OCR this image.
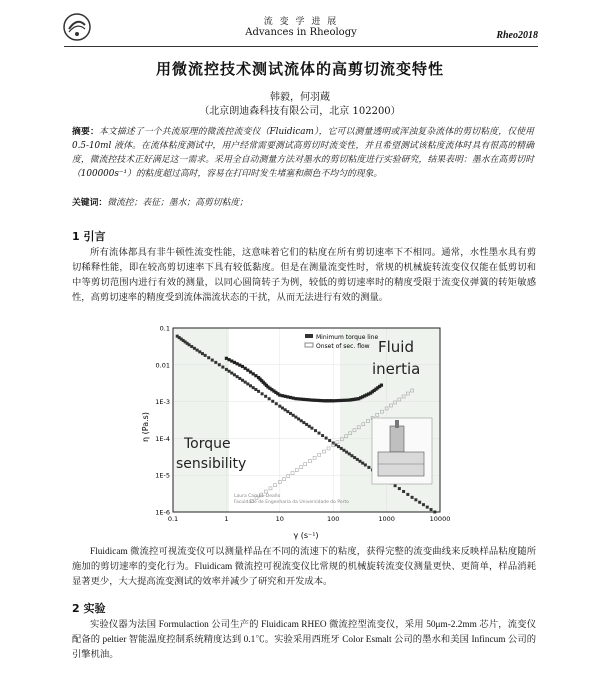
流 变 学 进 展
Advances in Rheology	Rheo2018
用微流控技术测试流体的高剪切流变特性
韩毅，何羽蔵
（北京朗迪森科技有限公司，北京 102200）
摘要：本文描述了一个共流原理的微流控流变仪（Fluidicam），它可以测量透明或浑浊复杂流体的剪切粘度，仅使用 0.5-10ml 液体。在流体粘度测试中，用户经常需要测试高剪切时流变性，并且希望测试该粘度流体时具有很高的精确度，微流控技术正好满足这一需求。采用全自动测量方法对墨水的剪切粘度进行实验研究，结果表明：墨水在高剪切时（100000s⁻¹）的粘度超过高时，容易在打印时发生堵塞和颜色不均匀的现象。
关键词：微流控；表征；墨水；高剪切粘度；
1 引言
所有流体都具有非牛顿性流变性能，这意味着它们的粘度在所有剪切速率下不相同。通常，水性墨水具有剪切稀释性能，即在较高剪切速率下具有较低黏度。但是在测量流变性时，常规的机械旋转流变仪仅能在低剪切和中等剪切范围内进行有效的测量，以同心圆筒转子为例，较低的剪切速率时的精度受限于流变仪弹簧的转矩敏感性，高剪切速率的精度受到流体湍流状态的干扰，从而无法进行有效的测量。
0.1
0.01
1E-3
1E-4
1E-5
1E-6
0.1	1	10	100	1000	10000
η (Pa.s)
γ (s⁻¹)
Minimum torque line
Onset of sec. flow Fluid
inertia
Torque
sensibility
Laura Campo-Deaño
Faculdade de Engenharia da Universidade do Porto
Fluidicam 微流控可视流变仪可以测量样品在不同的流速下的粘度，获得完整的流变曲线来反映样品粘度随所施加的剪切速率的变化行为。Fluidicam 微流控可视流变仪比常规的机械旋转流变仪测量更快、更简单，样品消耗显著更少，大大提高流变测试的效率并减少了研究和开发成本。
2 实验
实验仪器为法国 Formulaction 公司生产的 Fluidicam RHEO 微流控型流变仪，采用 50μm-2.2mm 芯片，流变仪配备的 peltier 智能温度控制系统精度达到 0.1℃。实验采用西班牙 Color Esmalt 公司的墨水和美国 Infincum 公司的引擎机油。
